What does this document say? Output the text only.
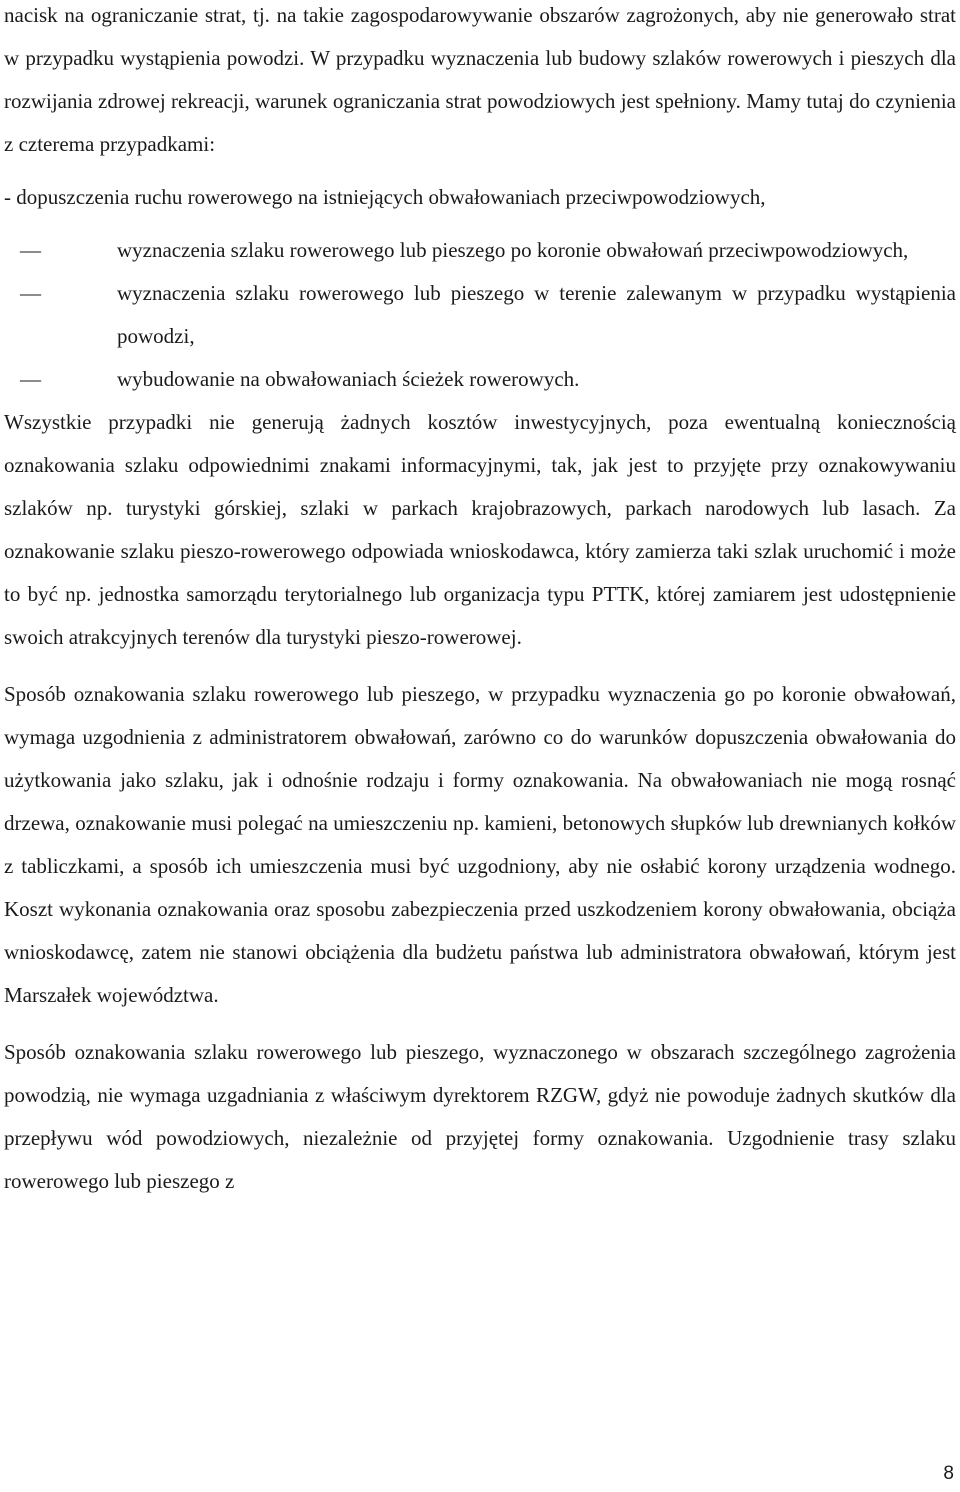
nacisk na ograniczanie strat, tj. na takie zagospodarowywanie obszarów zagrożonych, aby nie generowało strat w przypadku wystąpienia powodzi. W przypadku wyznaczenia lub budowy szlaków rowerowych i pieszych dla rozwijania zdrowej rekreacji, warunek ograniczania strat powodziowych jest spełniony. Mamy tutaj do czynienia z czterema przypadkami:

- dopuszczenia ruchu rowerowego na istniejących obwałowaniach przeciwpowodziowych,

—	wyznaczenia szlaku rowerowego lub pieszego po koronie obwałowań przeciwpowodziowych,

—	wyznaczenia szlaku rowerowego lub pieszego w terenie zalewanym w przypadku wystąpienia powodzi,

—	wybudowanie na obwałowaniach ścieżek rowerowych.

Wszystkie przypadki nie generują żadnych kosztów inwestycyjnych, poza ewentualną koniecznością oznakowania szlaku odpowiednimi znakami informacyjnymi, tak, jak jest to przyjęte przy oznakowywaniu szlaków np. turystyki górskiej, szlaki w parkach krajobrazowych, parkach narodowych lub lasach. Za oznakowanie szlaku pieszo-rowerowego odpowiada wnioskodawca, który zamierza taki szlak uruchomić i może to być np. jednostka samorządu terytorialnego lub organizacja typu PTTK, której zamiarem jest udostępnienie swoich atrakcyjnych terenów dla turystyki pieszo-rowerowej.

Sposób oznakowania szlaku rowerowego lub pieszego, w przypadku wyznaczenia go po koronie obwałowań, wymaga uzgodnienia z administratorem obwałowań, zarówno co do warunków dopuszczenia obwałowania do użytkowania jako szlaku, jak i odnośnie rodzaju i formy oznakowania. Na obwałowaniach nie mogą rosnąć drzewa, oznakowanie musi polegać na umieszczeniu np. kamieni, betonowych słupków lub drewnianych kołków z tabliczkami, a sposób ich umieszczenia musi być uzgodniony, aby nie osłabić korony urządzenia wodnego. Koszt wykonania oznakowania oraz sposobu zabezpieczenia przed uszkodzeniem korony obwałowania, obciąża wnioskodawcę, zatem nie stanowi obciążenia dla budżetu państwa lub administratora obwałowań, którym jest Marszałek województwa.

Sposób oznakowania szlaku rowerowego lub pieszego, wyznaczonego w obszarach szczególnego zagrożenia powodzią, nie wymaga uzgadniania z właściwym dyrektorem RZGW, gdyż nie powoduje żadnych skutków dla przepływu wód powodziowych, niezależnie od przyjętej formy oznakowania. Uzgodnienie trasy szlaku rowerowego lub pieszego z

8
